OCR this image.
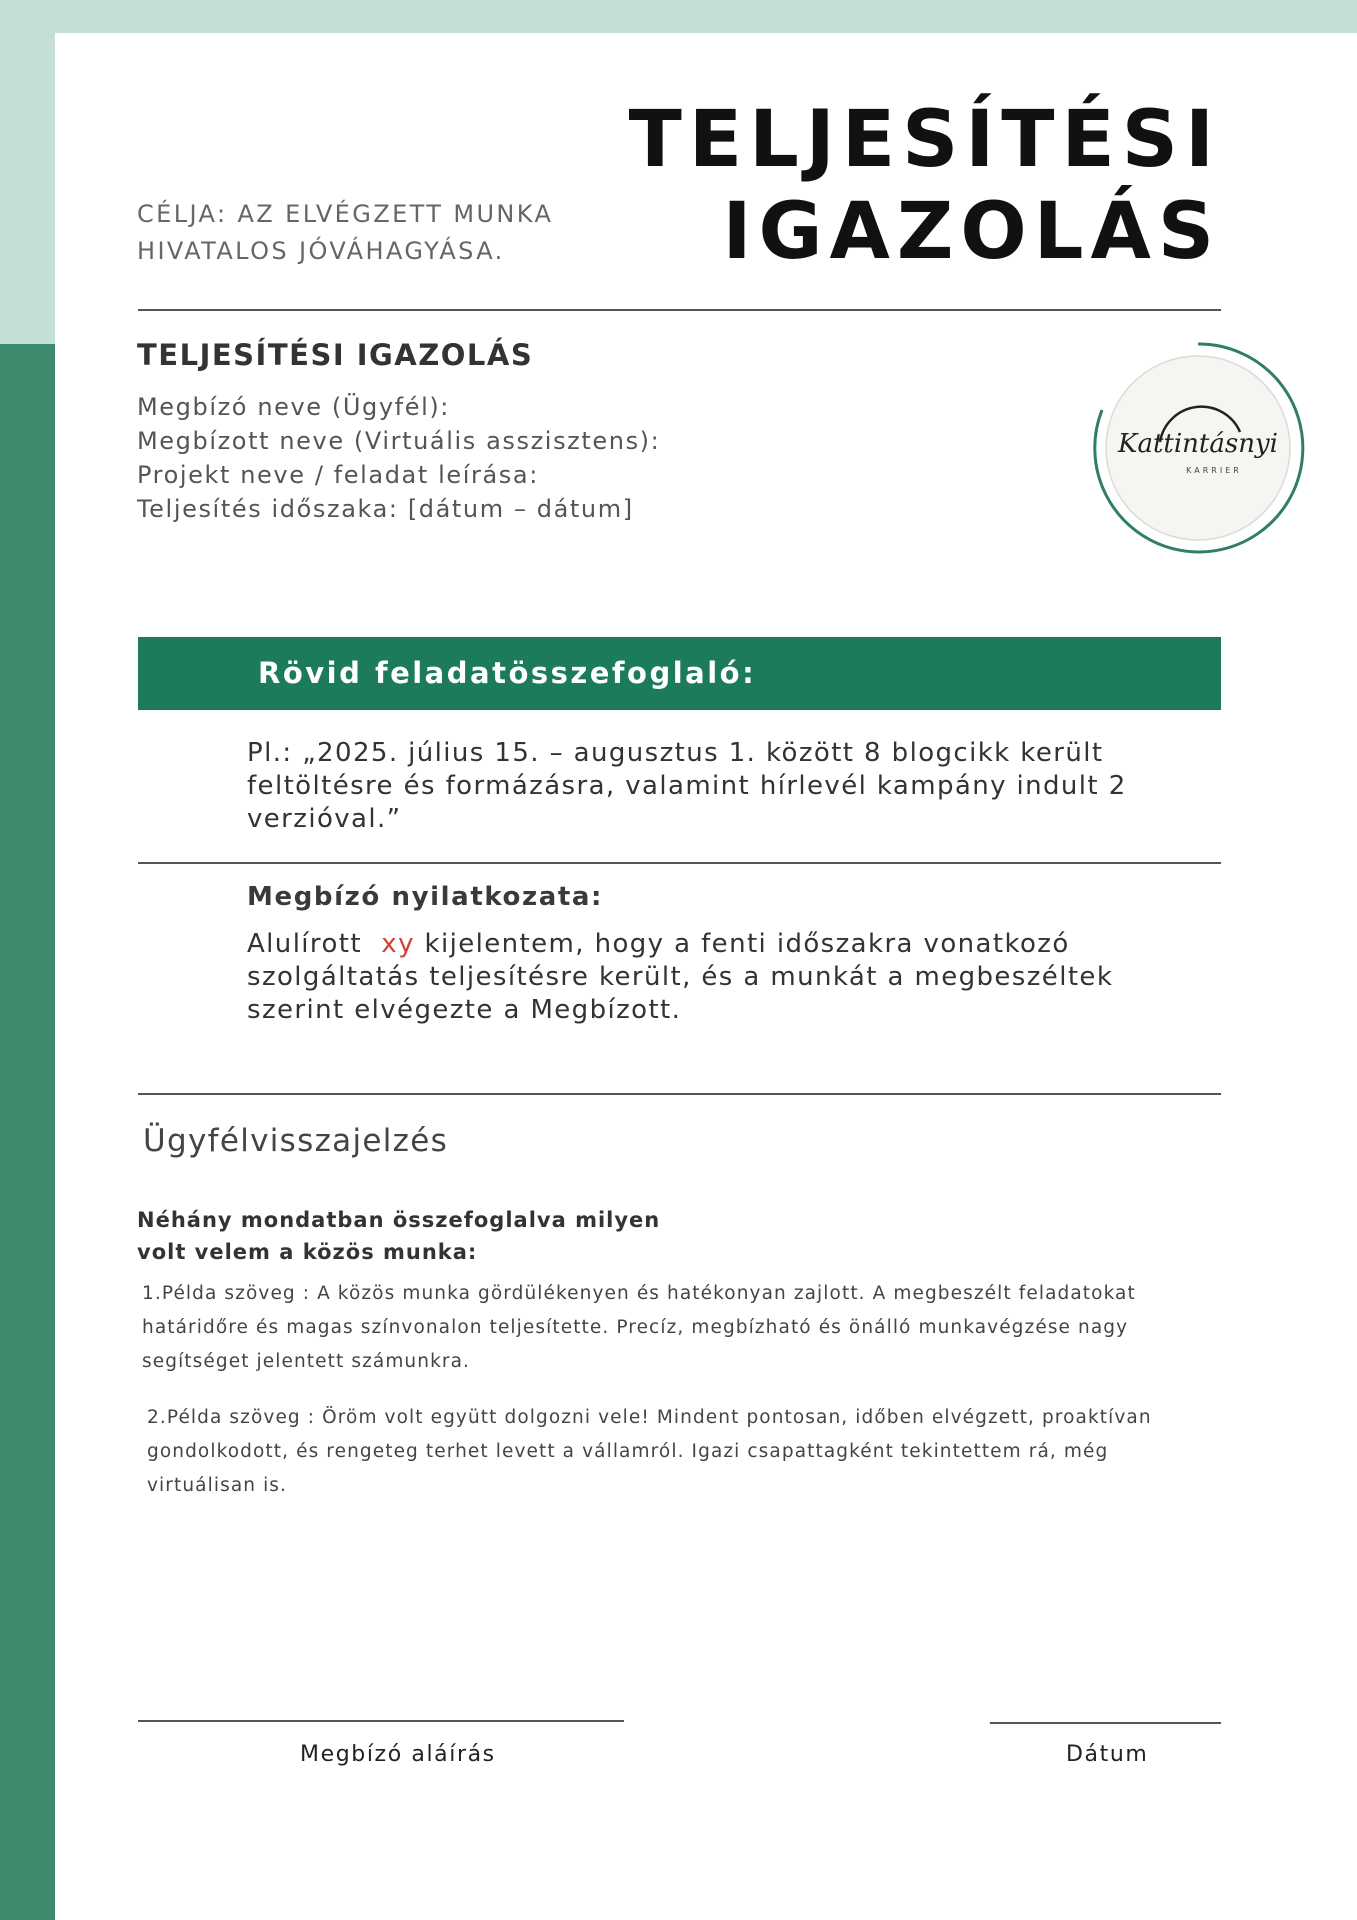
CÉLJA: AZ ELVÉGZETT MUNKA
HIVATALOS JÓVÁHAGYÁSA.
TELJESÍTÉSI
IGAZOLÁS
TELJESÍTÉSI IGAZOLÁS
Megbízó neve (Ügyfél):
Megbízott neve (Virtuális asszisztens):
Projekt neve / feladat leírása:
Teljesítés időszaka: [dátum – dátum]
Kattintásnyi
KARRIER
Rövid feladatösszefoglaló:
Pl.: „2025. július 15. – augusztus 1. között 8 blogcikk került
feltöltésre és formázásra, valamint hírlevél kampány indult 2
verzióval.”
Megbízó nyilatkozata:
Alulírott xy kijelentem, hogy a fenti időszakra vonatkozó
szolgáltatás teljesítésre került, és a munkát a megbeszéltek
szerint elvégezte a Megbízott.
Ügyfélvisszajelzés
Néhány mondatban összefoglalva milyen
volt velem a közös munka:
1.Példa szöveg : A közös munka gördülékenyen és hatékonyan zajlott. A megbeszélt feladatokat
határidőre és magas színvonalon teljesítette. Precíz, megbízható és önálló munkavégzése nagy
segítséget jelentett számunkra.
2.Példa szöveg : Öröm volt együtt dolgozni vele! Mindent pontosan, időben elvégzett, proaktívan
gondolkodott, és rengeteg terhet levett a vállamról. Igazi csapattagként tekintettem rá, még
virtuálisan is.
Megbízó aláírás	Dátum
